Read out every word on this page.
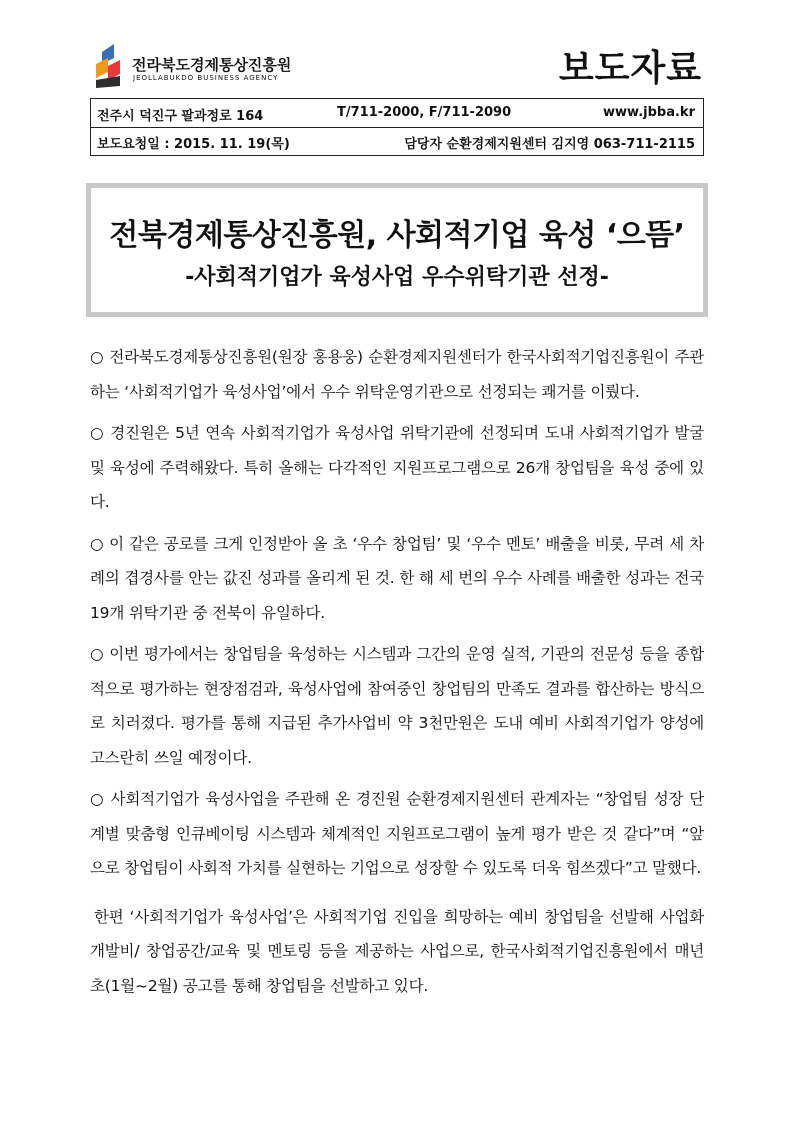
전라북도경제통상진흥원
JEOLLABUKDO BUSINESS AGENCY	보도자료
전주시 덕진구 팔과정로 164	T/711-2000, F/711-2090	www.jbba.kr
보도요청일 : 2015. 11. 19(목)	담당자 순환경제지원센터 김지영 063-711-2115
전북경제통상진흥원, 사회적기업 육성 ‘으뜸’
-사회적기업가 육성사업 우수위탁기관 선정-

○ 전라북도경제통상진흥원(원장 홍용웅) 순환경제지원센터가 한국사회적기업진흥원이 주관하는 ‘사회적기업가 육성사업’에서 우수 위탁운영기관으로 선정되는 쾌거를 이뤘다.

○ 경진원은 5년 연속 사회적기업가 육성사업 위탁기관에 선정되며 도내 사회적기업가 발굴 및 육성에 주력해왔다. 특히 올해는 다각적인 지원프로그램으로 26개 창업팀을 육성 중에 있다.

○ 이 같은 공로를 크게 인정받아 올 초 ‘우수 창업팀’ 및 ‘우수 멘토’ 배출을 비롯, 무려 세 차례의 겹경사를 안는 값진 성과를 올리게 된 것. 한 해 세 번의 우수 사례를 배출한 성과는 전국 19개 위탁기관 중 전북이 유일하다.

○ 이번 평가에서는 창업팀을 육성하는 시스템과 그간의 운영 실적, 기관의 전문성 등을 종합적으로 평가하는 현장점검과, 육성사업에 참여중인 창업팀의 만족도 결과를 합산하는 방식으로 치러졌다. 평가를 통해 지급된 추가사업비 약 3천만원은 도내 예비 사회적기업가 양성에 고스란히 쓰일 예정이다.

○ 사회적기업가 육성사업을 주관해 온 경진원 순환경제지원센터 관계자는 “창업팀 성장 단계별 맞춤형 인큐베이팅 시스템과 체계적인 지원프로그램이 높게 평가 받은 것 같다”며 “앞으로 창업팀이 사회적 가치를 실현하는 기업으로 성장할 수 있도록 더욱 힘쓰겠다”고 말했다.

한편 ‘사회적기업가 육성사업’은 사회적기업 진입을 희망하는 예비 창업팀을 선발해 사업화개발비/ 창업공간/교육 및 멘토링 등을 제공하는 사업으로, 한국사회적기업진흥원에서 매년 초(1월~2월) 공고를 통해 창업팀을 선발하고 있다.
